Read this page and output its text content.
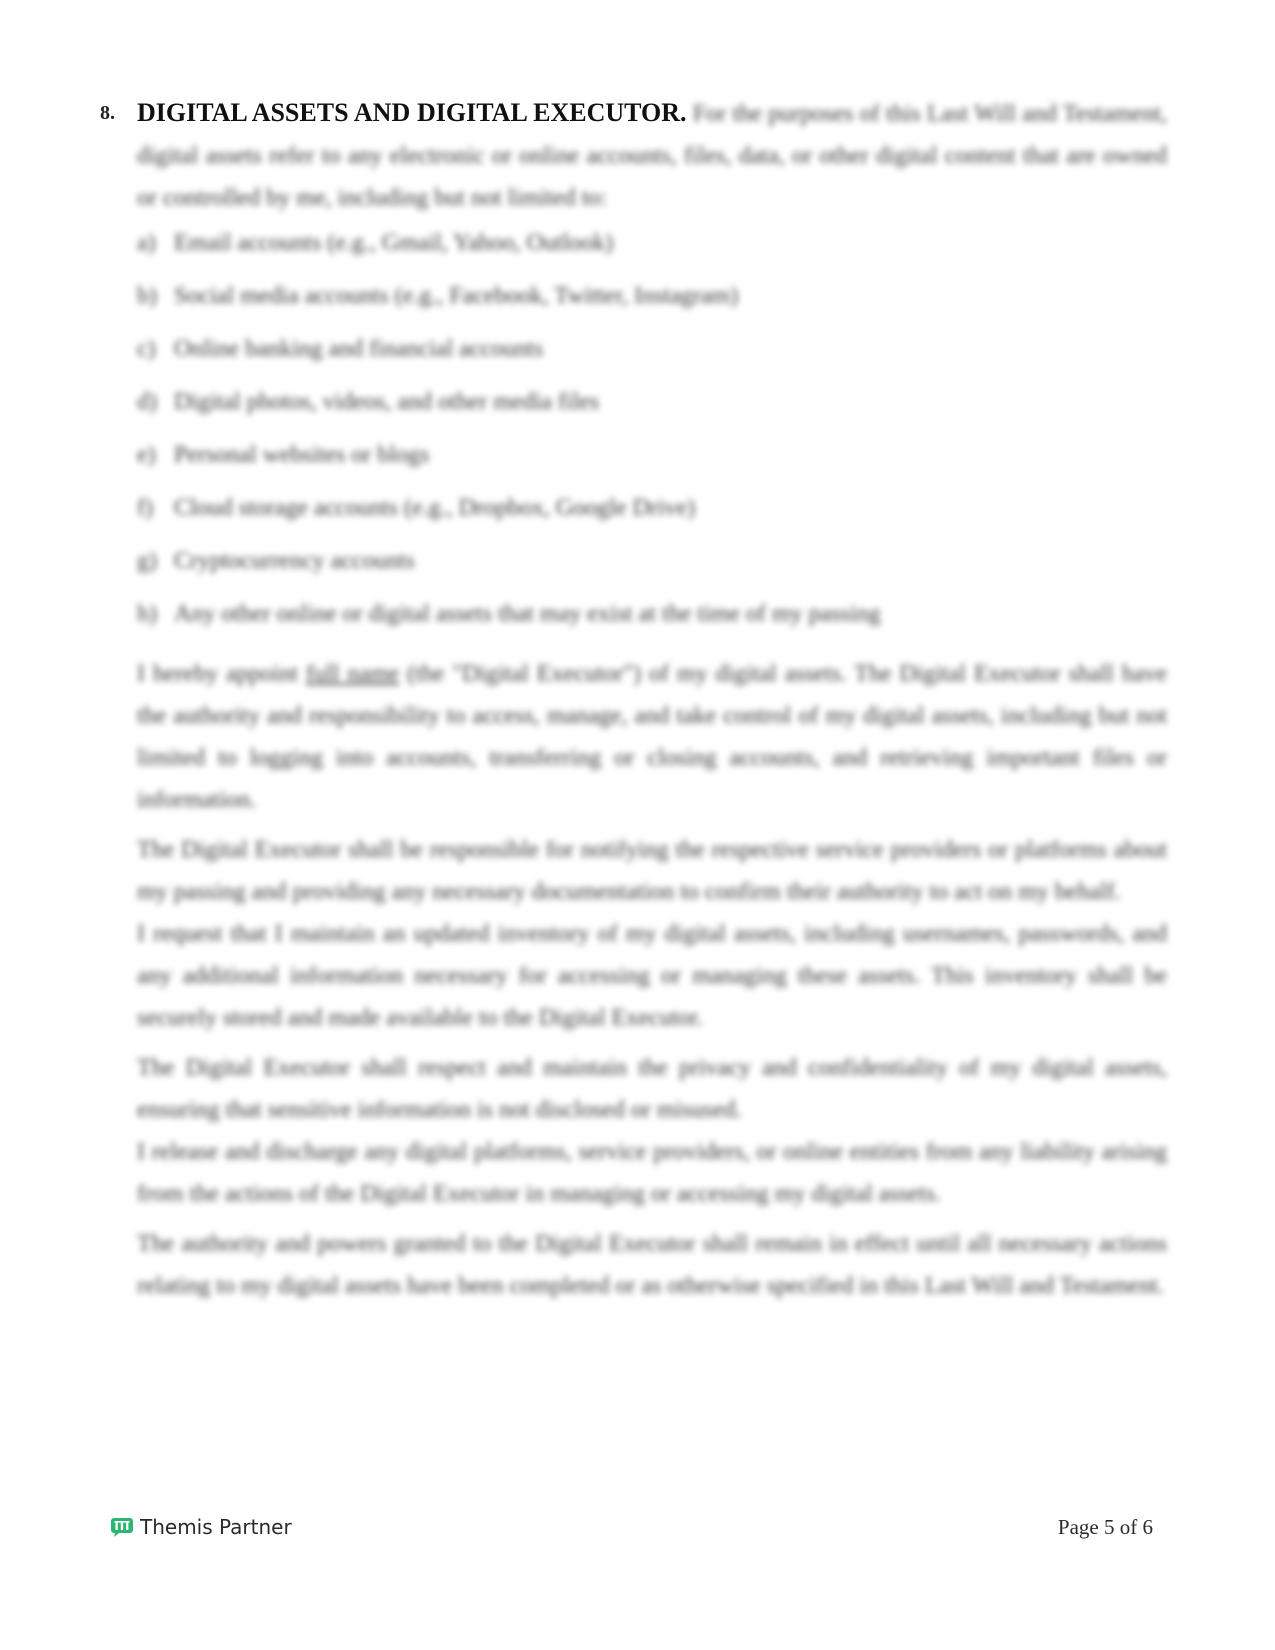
8. DIGITAL ASSETS AND DIGITAL EXECUTOR. For the purposes of this Last Will and Testament, digital assets refer to any electronic or online accounts, files, data, or other digital content that are owned or controlled by me, including but not limited to:

a) Email accounts (e.g., Gmail, Yahoo, Outlook)
b) Social media accounts (e.g., Facebook, Twitter, Instagram)
c) Online banking and financial accounts
d) Digital photos, videos, and other media files
e) Personal websites or blogs
f) Cloud storage accounts (e.g., Dropbox, Google Drive)
g) Cryptocurrency accounts
h) Any other online or digital assets that may exist at the time of my passing

I hereby appoint full name (the "Digital Executor") of my digital assets. The Digital Executor shall have the authority and responsibility to access, manage, and take control of my digital assets, including but not limited to logging into accounts, transferring or closing accounts, and retrieving important files or information.

The Digital Executor shall be responsible for notifying the respective service providers or platforms about my passing and providing any necessary documentation to confirm their authority to act on my behalf.

I request that I maintain an updated inventory of my digital assets, including usernames, passwords, and any additional information necessary for accessing or managing these assets. This inventory shall be securely stored and made available to the Digital Executor.

The Digital Executor shall respect and maintain the privacy and confidentiality of my digital assets, ensuring that sensitive information is not disclosed or misused.

I release and discharge any digital platforms, service providers, or online entities from any liability arising from the actions of the Digital Executor in managing or accessing my digital assets.

The authority and powers granted to the Digital Executor shall remain in effect until all necessary actions relating to my digital assets have been completed or as otherwise specified in this Last Will and Testament.

Themis Partner	Page 5 of 6
